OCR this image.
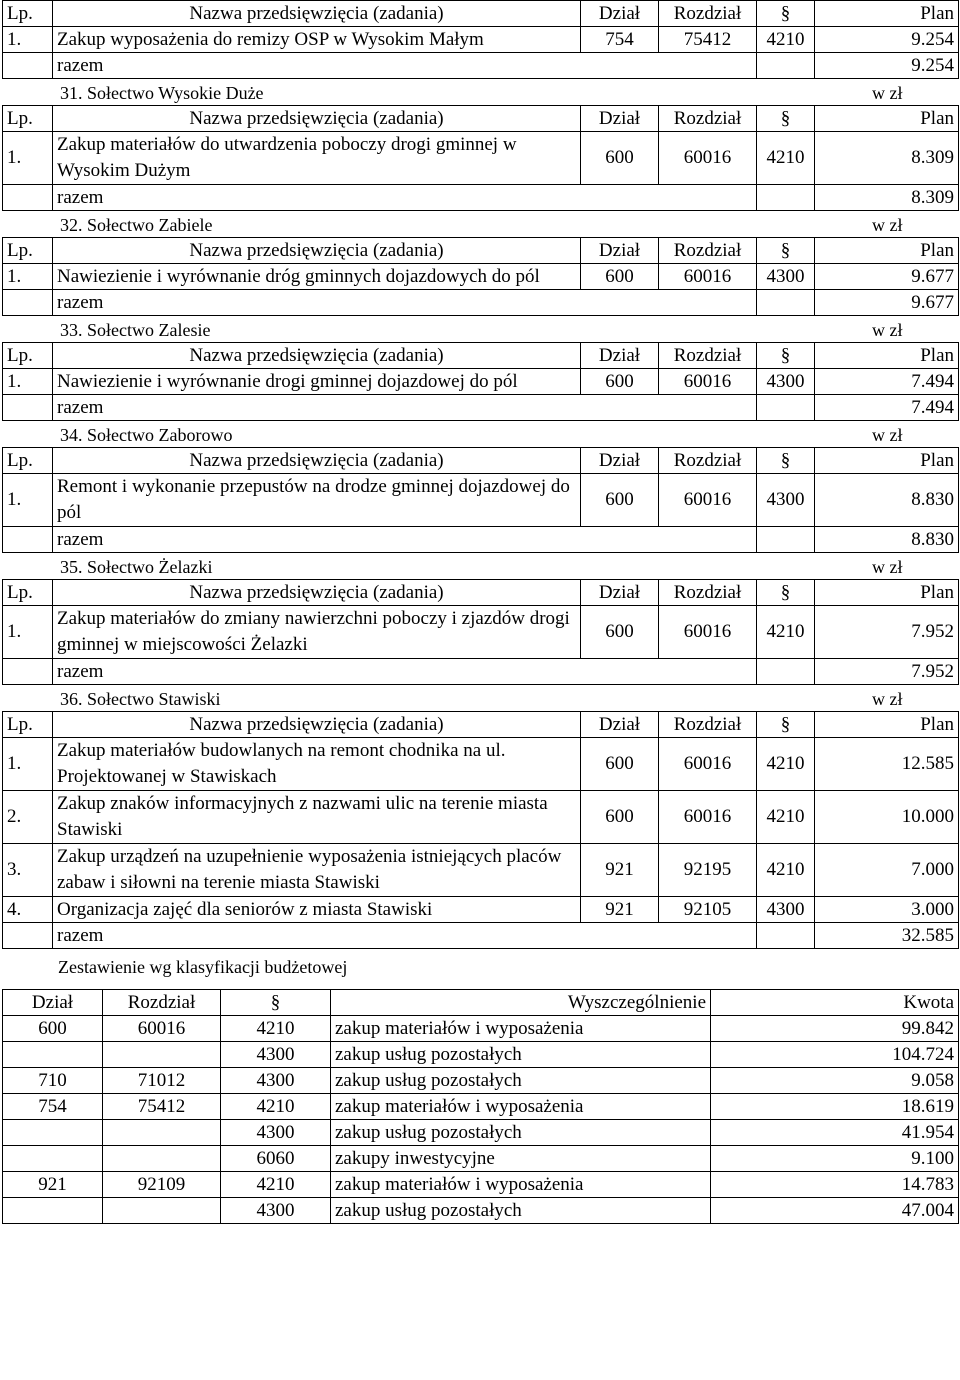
Lp.	Nazwa przedsięwzięcia (zadania)	Dział	Rozdział	§	Plan
1.	Zakup wyposażenia do remizy OSP w Wysokim Małym	754	75412	4210	9.254
	razem				9.254
31. Sołectwo Wysokie Duże	w zł
Lp.	Nazwa przedsięwzięcia (zadania)	Dział	Rozdział	§	Plan
1.	Zakup materiałów do utwardzenia poboczy drogi gminnej w Wysokim Dużym	600	60016	4210	8.309
	razem				8.309
32. Sołectwo Zabiele	w zł
Lp.	Nazwa przedsięwzięcia (zadania)	Dział	Rozdział	§	Plan
1.	Nawiezienie i wyrównanie dróg gminnych dojazdowych do pól	600	60016	4300	9.677
	razem				9.677
33. Sołectwo Zalesie	w zł
Lp.	Nazwa przedsięwzięcia (zadania)	Dział	Rozdział	§	Plan
1.	Nawiezienie i wyrównanie drogi gminnej dojazdowej do pól	600	60016	4300	7.494
	razem				7.494
34. Sołectwo Zaborowo	w zł
Lp.	Nazwa przedsięwzięcia (zadania)	Dział	Rozdział	§	Plan
1.	Remont i wykonanie przepustów na drodze gminnej dojazdowej do pól	600	60016	4300	8.830
	razem				8.830
35. Sołectwo Żelazki	w zł
Lp.	Nazwa przedsięwzięcia (zadania)	Dział	Rozdział	§	Plan
1.	Zakup materiałów do zmiany nawierzchni poboczy i zjazdów drogi gminnej w miejscowości Żelazki	600	60016	4210	7.952
	razem				7.952
36. Sołectwo Stawiski	w zł
Lp.	Nazwa przedsięwzięcia (zadania)	Dział	Rozdział	§	Plan
1.	Zakup materiałów budowlanych na remont chodnika na ul. Projektowanej w Stawiskach	600	60016	4210	12.585
2.	Zakup znaków informacyjnych z nazwami ulic na terenie miasta Stawiski	600	60016	4210	10.000
3.	Zakup urządzeń na uzupełnienie wyposażenia istniejących placów zabaw i siłowni na terenie miasta Stawiski	921	92195	4210	7.000
4.	Organizacja zajęć dla seniorów z miasta Stawiski	921	92105	4300	3.000
	razem				32.585
Zestawienie wg klasyfikacji budżetowej
Dział	Rozdział	§	Wyszczególnienie	Kwota
600	60016	4210	zakup materiałów i wyposażenia	99.842
		4300	zakup usług pozostałych	104.724
710	71012	4300	zakup usług pozostałych	9.058
754	75412	4210	zakup materiałów i wyposażenia	18.619
		4300	zakup usług pozostałych	41.954
		6060	zakupy inwestycyjne	9.100
921	92109	4210	zakup materiałów i wyposażenia	14.783
		4300	zakup usług pozostałych	47.004
